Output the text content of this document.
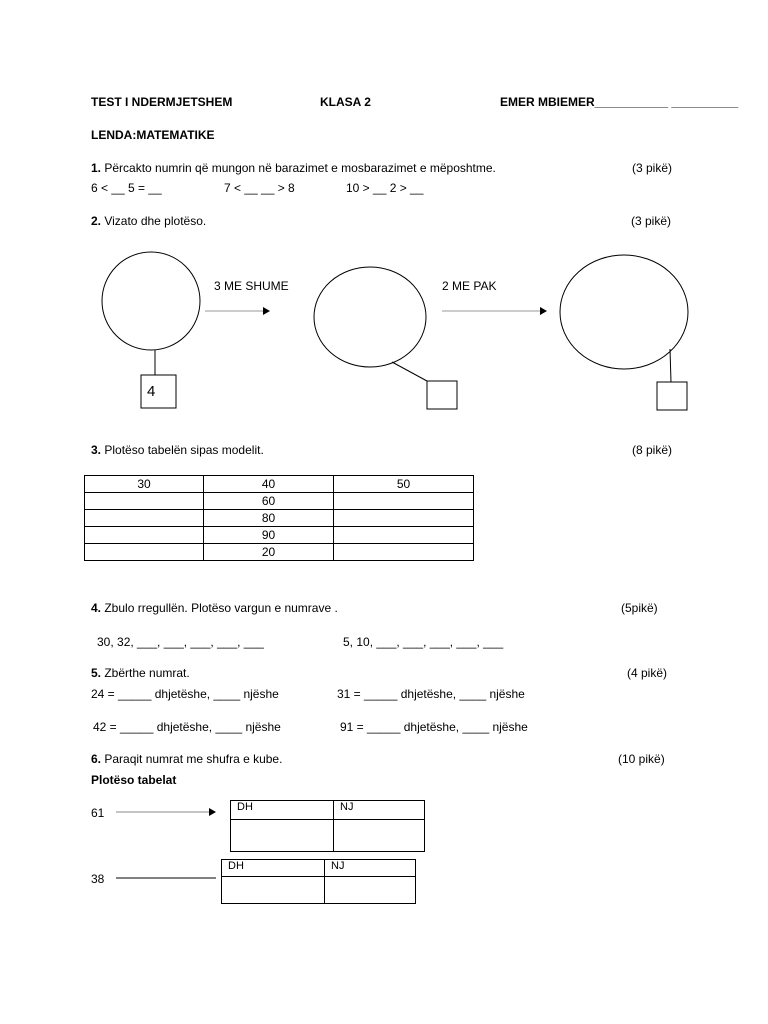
TEST I NDERMJETSHEM	KLASA 2	EMER MBIEMER___________ __________
LENDA:MATEMATIKE
1. Përcakto numrin që mungon në barazimet e mosbarazimet e mëposhtme.	(3 pikë)
6 < __ 5 = __	7 < __ __ > 8	10 > __ 2 > __
2. Vizato dhe plotëso.	(3 pikë)
3 ME SHUME	2 ME PAK
4
3. Plotëso tabelën sipas modelit.	(8 pikë)
30	40	50
	60	
	80	
	90	
	20	
4. Zbulo rregullën. Plotëso vargun e numrave .	(5pikë)
30, 32, ___, ___, ___, ___, ___	5, 10, ___, ___, ___, ___, ___
5. Zbërthe numrat.	(4 pikë)
24 = _____ dhjetëshe, ____ njëshe	31 = _____ dhjetëshe, ____ njëshe
42 = _____ dhjetëshe, ____ njëshe	91 = _____ dhjetëshe, ____ njëshe
6. Paraqit numrat me shufra e kube.	(10 pikë)
Plotëso tabelat
61	DH	NJ

38
DH	NJ
